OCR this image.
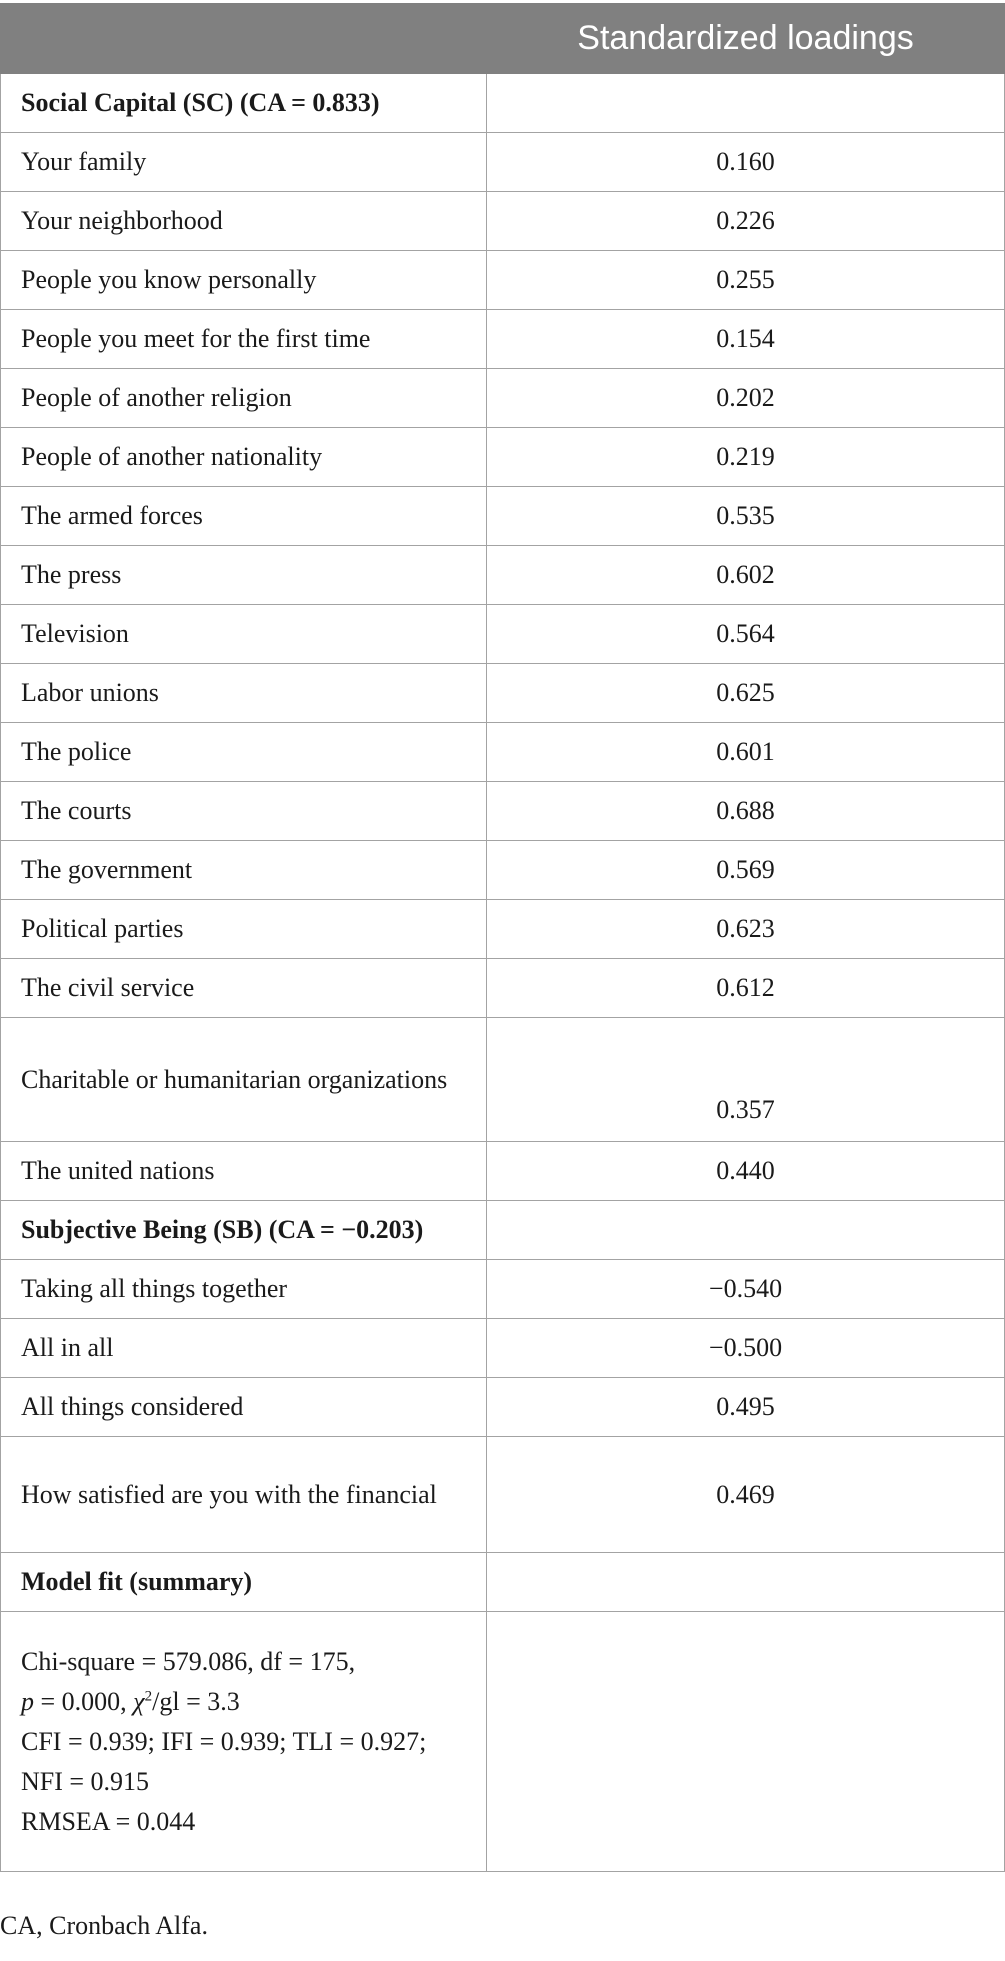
	Standardized loadings
Social Capital (SC) (CA = 0.833)	
Your family	0.160
Your neighborhood	0.226
People you know personally	0.255
People you meet for the first time	0.154
People of another religion	0.202
People of another nationality	0.219
The armed forces	0.535
The press	0.602
Television	0.564
Labor unions	0.625
The police	0.601
The courts	0.688
The government	0.569
Political parties	0.623
The civil service	0.612
Charitable or humanitarian organizations	0.357
The united nations	0.440
Subjective Being (SB) (CA = −0.203)	
Taking all things together	−0.540
All in all	−0.500
All things considered	0.495
How satisfied are you with the financial	0.469
Model fit (summary)	

Chi-square = 579.086, df = 175,
p = 0.000, $\chi^2/gl = 3.3$
CFI = 0.939; IFI = 0.939; TLI = 0.927;
NFI = 0.915
RMSEA = 0.044	

CA, Cronbach Alfa.
